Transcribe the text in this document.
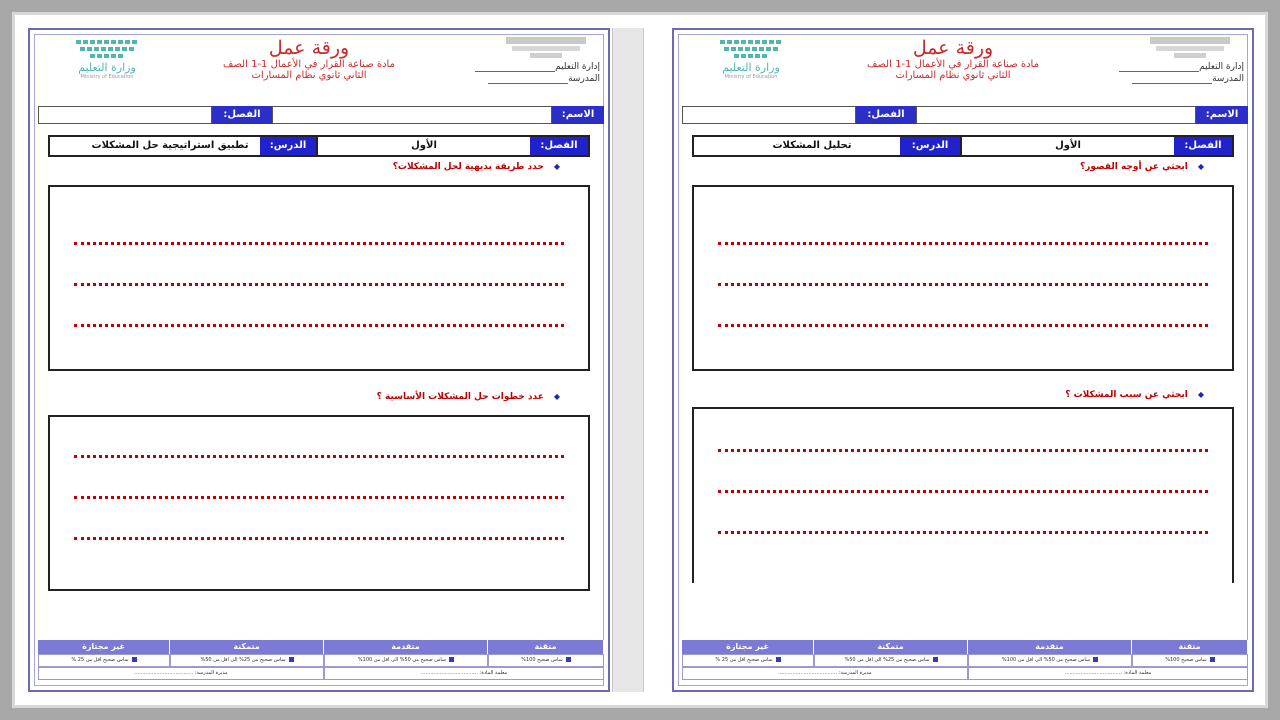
إدارة التعليم
المدرسة
ورقة عمل
مادة صناعة القرار في الأعمال 1-1 الصف
الثاني ثانوي نظام المسارات
وزارة التعليم
Ministry of Education
الاسم:
الفصل:
الفصل:
الأول
الدرس:
تطبيق استراتيجية حل المشكلات
◆حدد طريقة بديهية لحل المشكلات؟
◆عدد خطوات حل المشكلات الأساسية ؟
متقنة
متقدمة
متمكنة
غير مجتازة
ساس صحيح 100%
ساس صحيح من 50% الى اقل من 100%
ساس صحيح من 25% الى اقل من 50%
ساس صحيح اقل من 25 %
معلمة المادة: ....................................
مديرة المدرسة: .....................................
إدارة التعليم
المدرسة
ورقة عمل
مادة صناعة القرار في الأعمال 1-1 الصف
الثاني ثانوي نظام المسارات
وزارة التعليم
Ministry of Education
الاسم:
الفصل:
الفصل:
الأول
الدرس:
تحليل المشكلات
◆ابحثي عن أوجه القصور؟
◆ابحثي عن سبب المشكلات ؟
متقنة
متقدمة
متمكنة
غير مجتازة
ساس صحيح 100%
ساس صحيح من 50% الى اقل من 100%
ساس صحيح من 25% الى اقل من 50%
ساس صحيح اقل من 25 %
معلمة المادة: ....................................
مديرة المدرسة: .....................................
